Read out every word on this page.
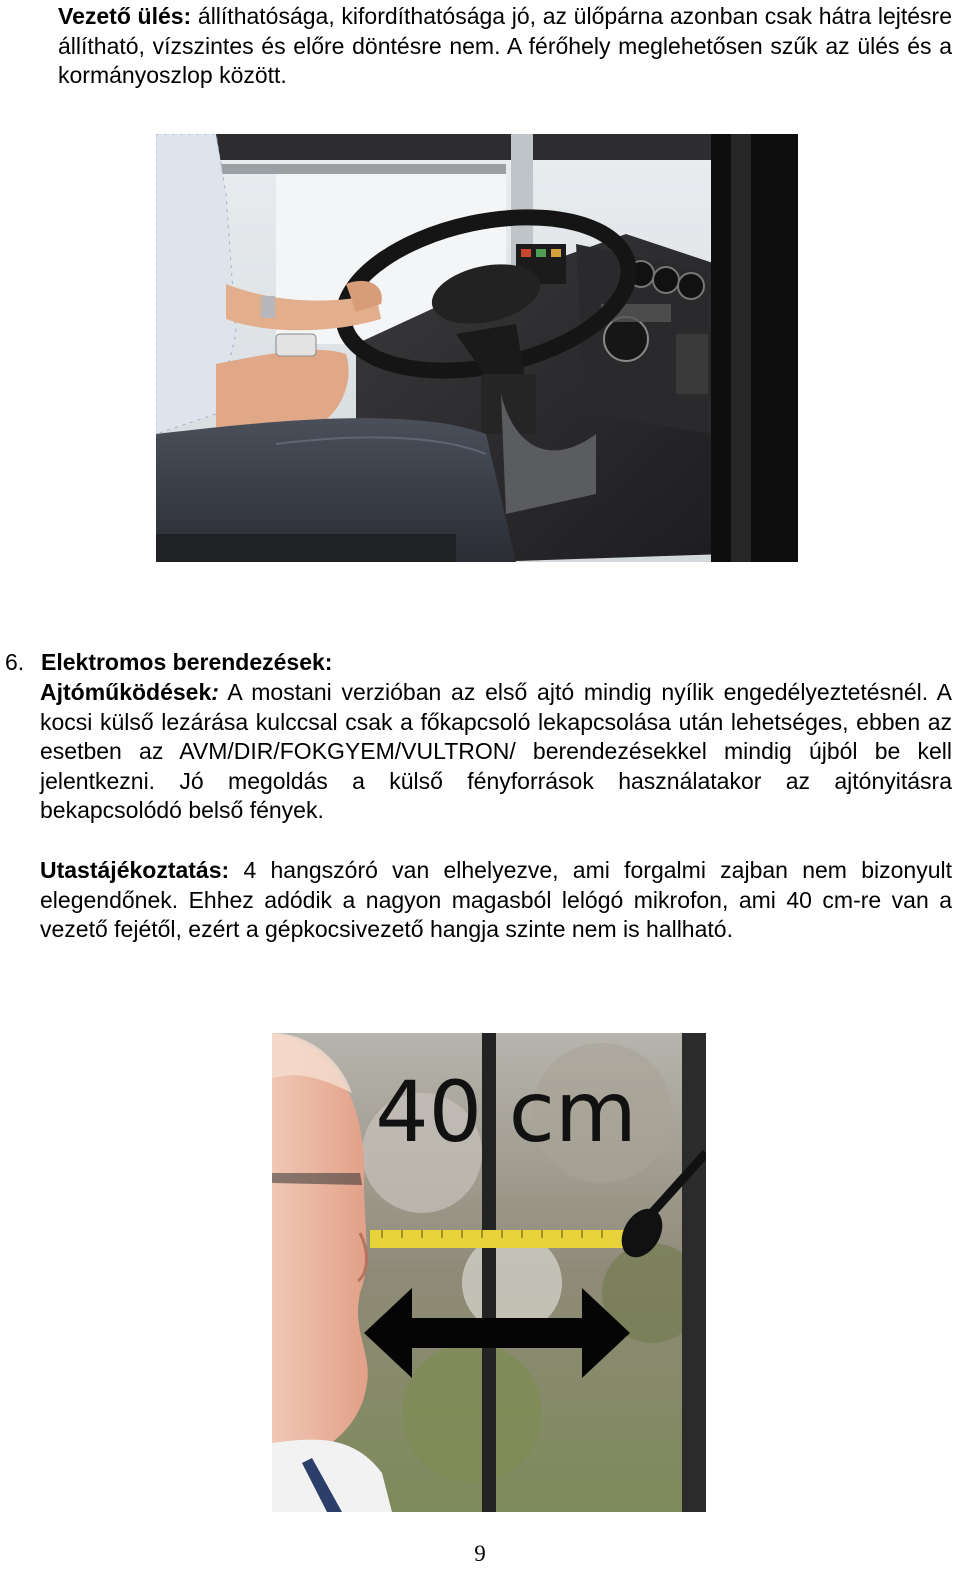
Vezető ülés: állíthatósága, kifordíthatósága jó, az ülőpárna azonban csak hátra lejtésre állítható, vízszintes és előre döntésre nem. A férőhely meglehetősen szűk az ülés és a kormányoszlop között.
6. Elektromos berendezések:
Ajtóműködések: A mostani verzióban az első ajtó mindig nyílik engedélyeztetésnél. A kocsi külső lezárása kulccsal csak a főkapcsoló lekapcsolása után lehetséges, ebben az esetben az AVM/DIR/FOKGYEM/VULTRON/ berendezésekkel mindig újból be kell jelentkezni. Jó megoldás a külső fényforrások használatakor az ajtónyitásra bekapcsolódó belső fények.
Utastájékoztatás: 4 hangszóró van elhelyezve, ami forgalmi zajban nem bizonyult elegendőnek. Ehhez adódik a nagyon magasból lelógó mikrofon, ami 40 cm-re van a vezető fejétől, ezért a gépkocsivezető hangja szinte nem is hallható.
40 cm
9
